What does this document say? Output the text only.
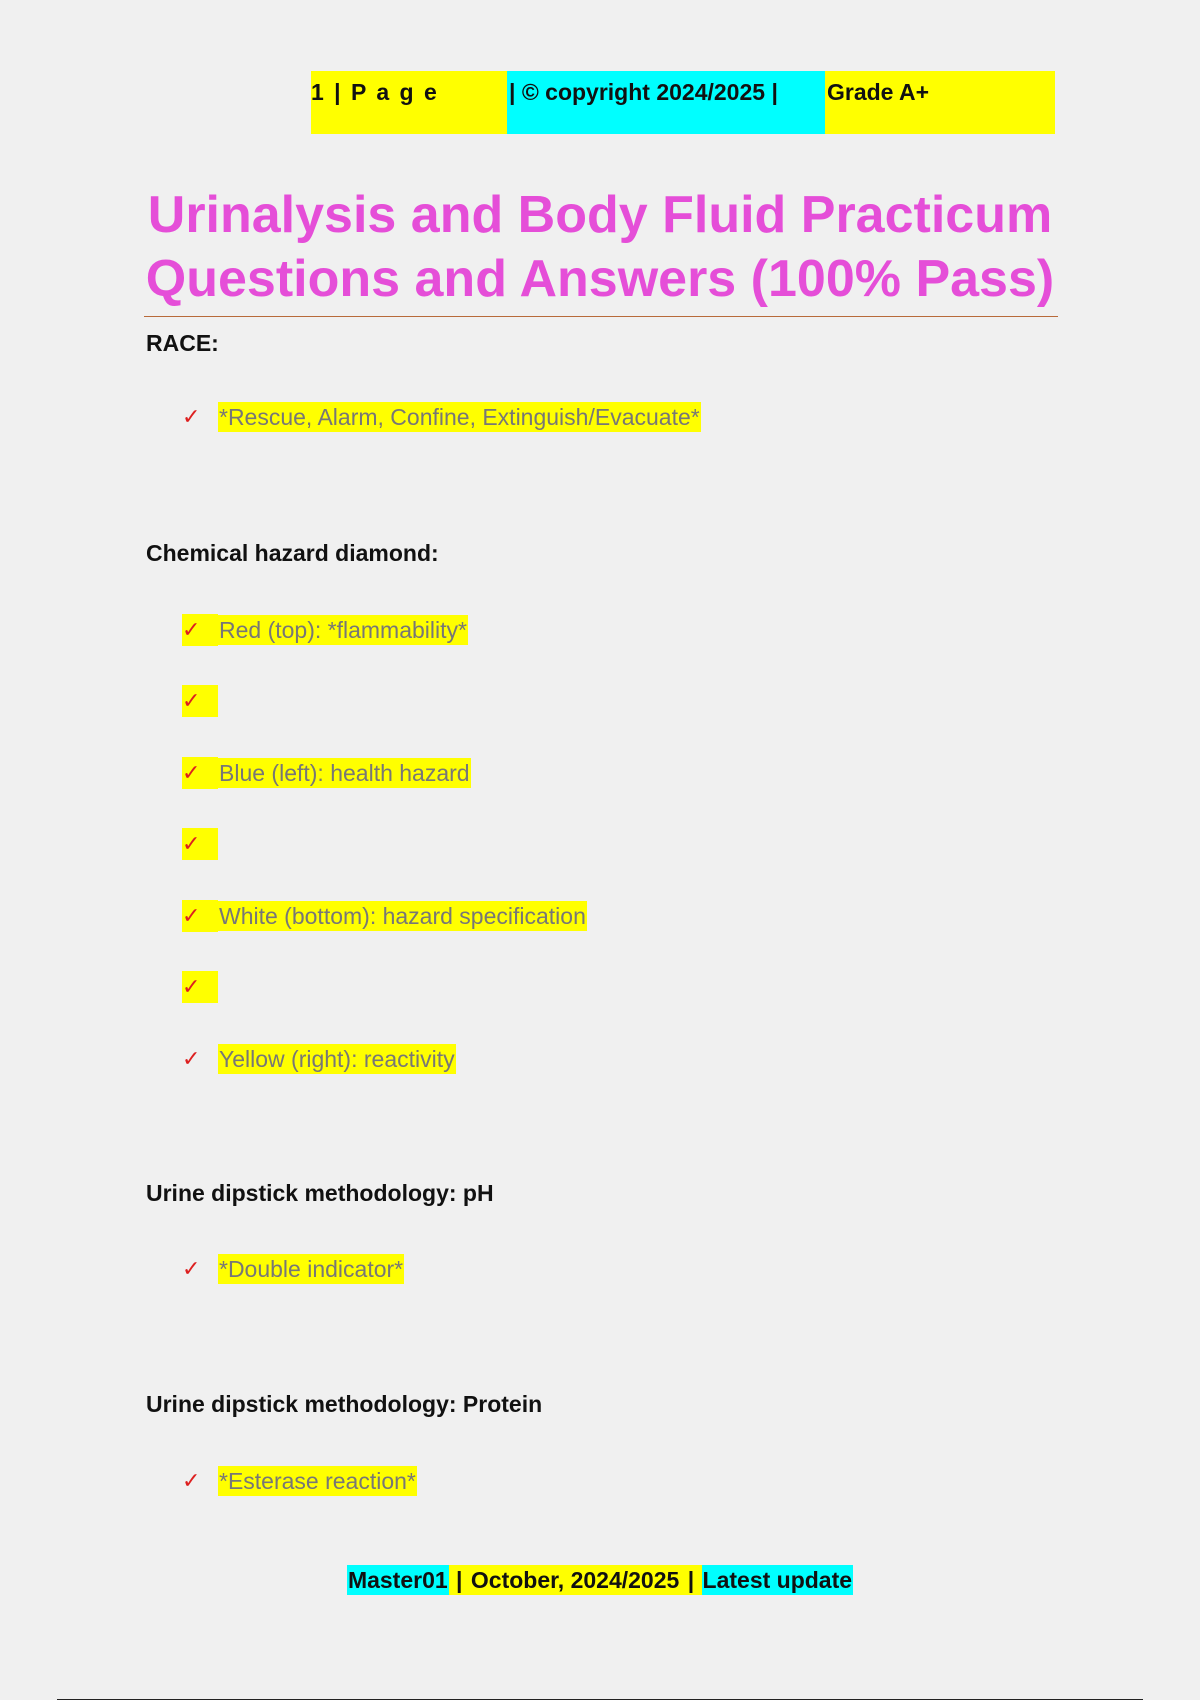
1 | P a g e	| © copyright 2024/2025 |	Grade A+
Urinalysis and Body Fluid Practicum
Questions and Answers (100% Pass)
RACE:
✓ *Rescue, Alarm, Confine, Extinguish/Evacuate*
Chemical hazard diamond:
✓ Red (top): *flammability*
✓
✓ Blue (left): health hazard
✓
✓ White (bottom): hazard specification
✓
✓ Yellow (right): reactivity
Urine dipstick methodology: pH
✓ *Double indicator*
Urine dipstick methodology: Protein
✓ *Esterase reaction*
Master01 | October, 2024/2025 | Latest update
